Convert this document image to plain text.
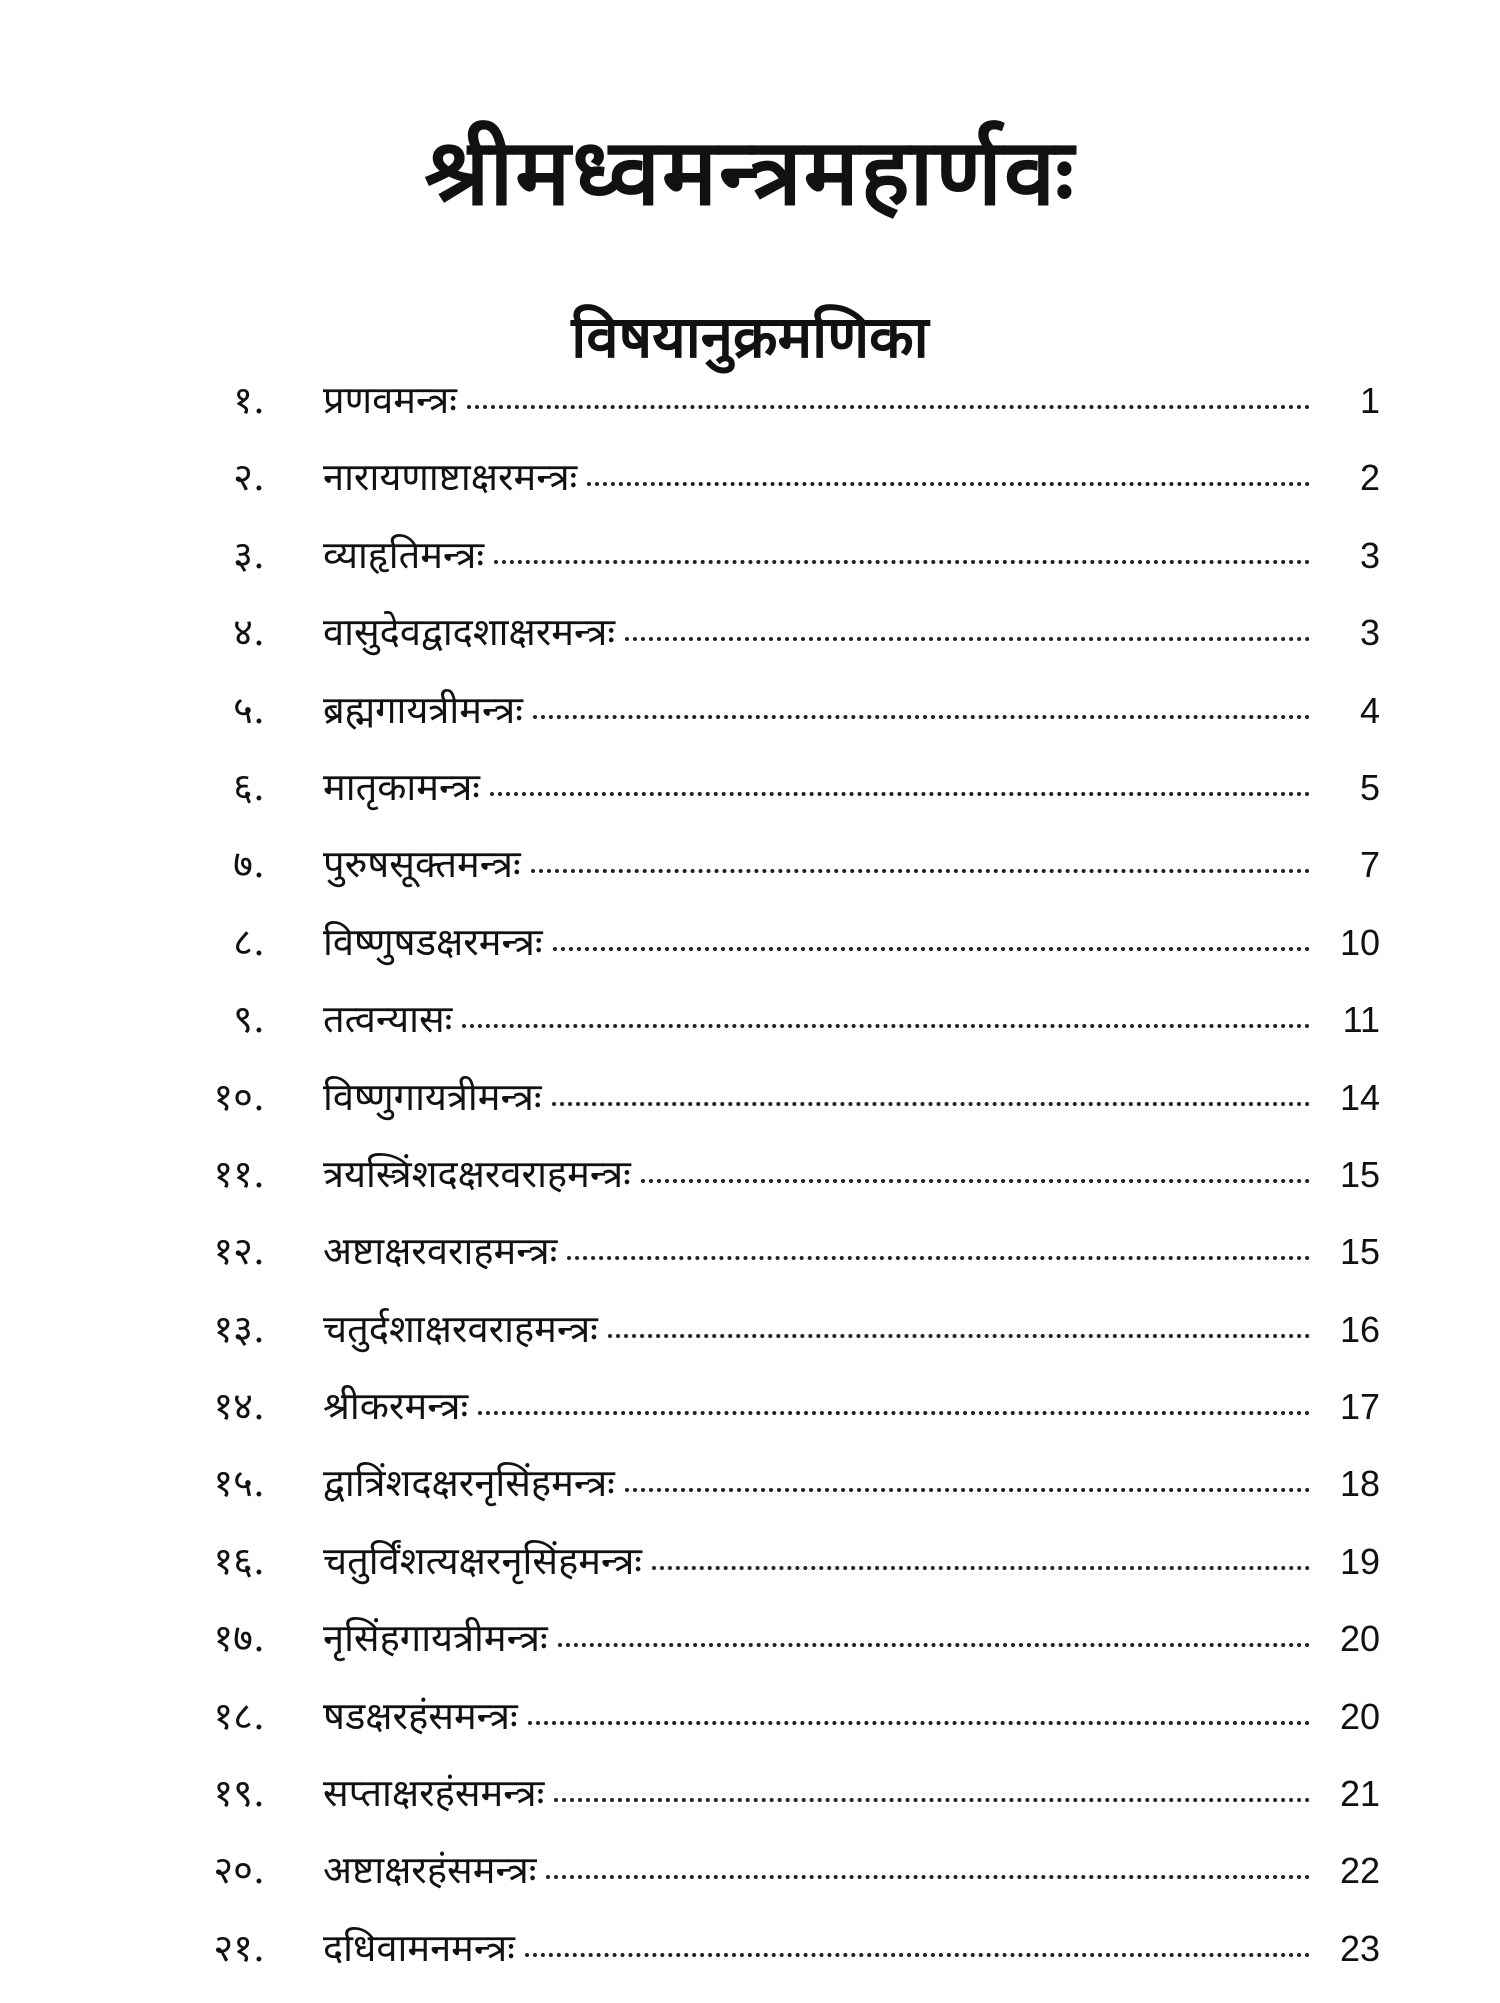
श्रीमध्वमन्त्रमहार्णवः
विषयानुक्रमणिका
१. प्रणवमन्त्रः	1
२. नारायणाष्टाक्षरमन्त्रः	2
३. व्याहृतिमन्त्रः	3
४. वासुदेवद्वादशाक्षरमन्त्रः	3
५. ब्रह्मगायत्रीमन्त्रः	4
६. मातृकामन्त्रः	5
७. पुरुषसूक्तमन्त्रः	7
८. विष्णुषडक्षरमन्त्रः	10
९. तत्वन्यासः	11
१०. विष्णुगायत्रीमन्त्रः	14
११. त्रयस्त्रिंशदक्षरवराहमन्त्रः	15
१२. अष्टाक्षरवराहमन्त्रः	15
१३. चतुर्दशाक्षरवराहमन्त्रः	16
१४. श्रीकरमन्त्रः	17
१५. द्वात्रिंशदक्षरनृसिंहमन्त्रः	18
१६. चतुर्विंशत्यक्षरनृसिंहमन्त्रः	19
१७. नृसिंहगायत्रीमन्त्रः	20
१८. षडक्षरहंसमन्त्रः	20
१९. सप्ताक्षरहंसमन्त्रः	21
२०. अष्टाक्षरहंसमन्त्रः	22
२१. दधिवामनमन्त्रः	23
